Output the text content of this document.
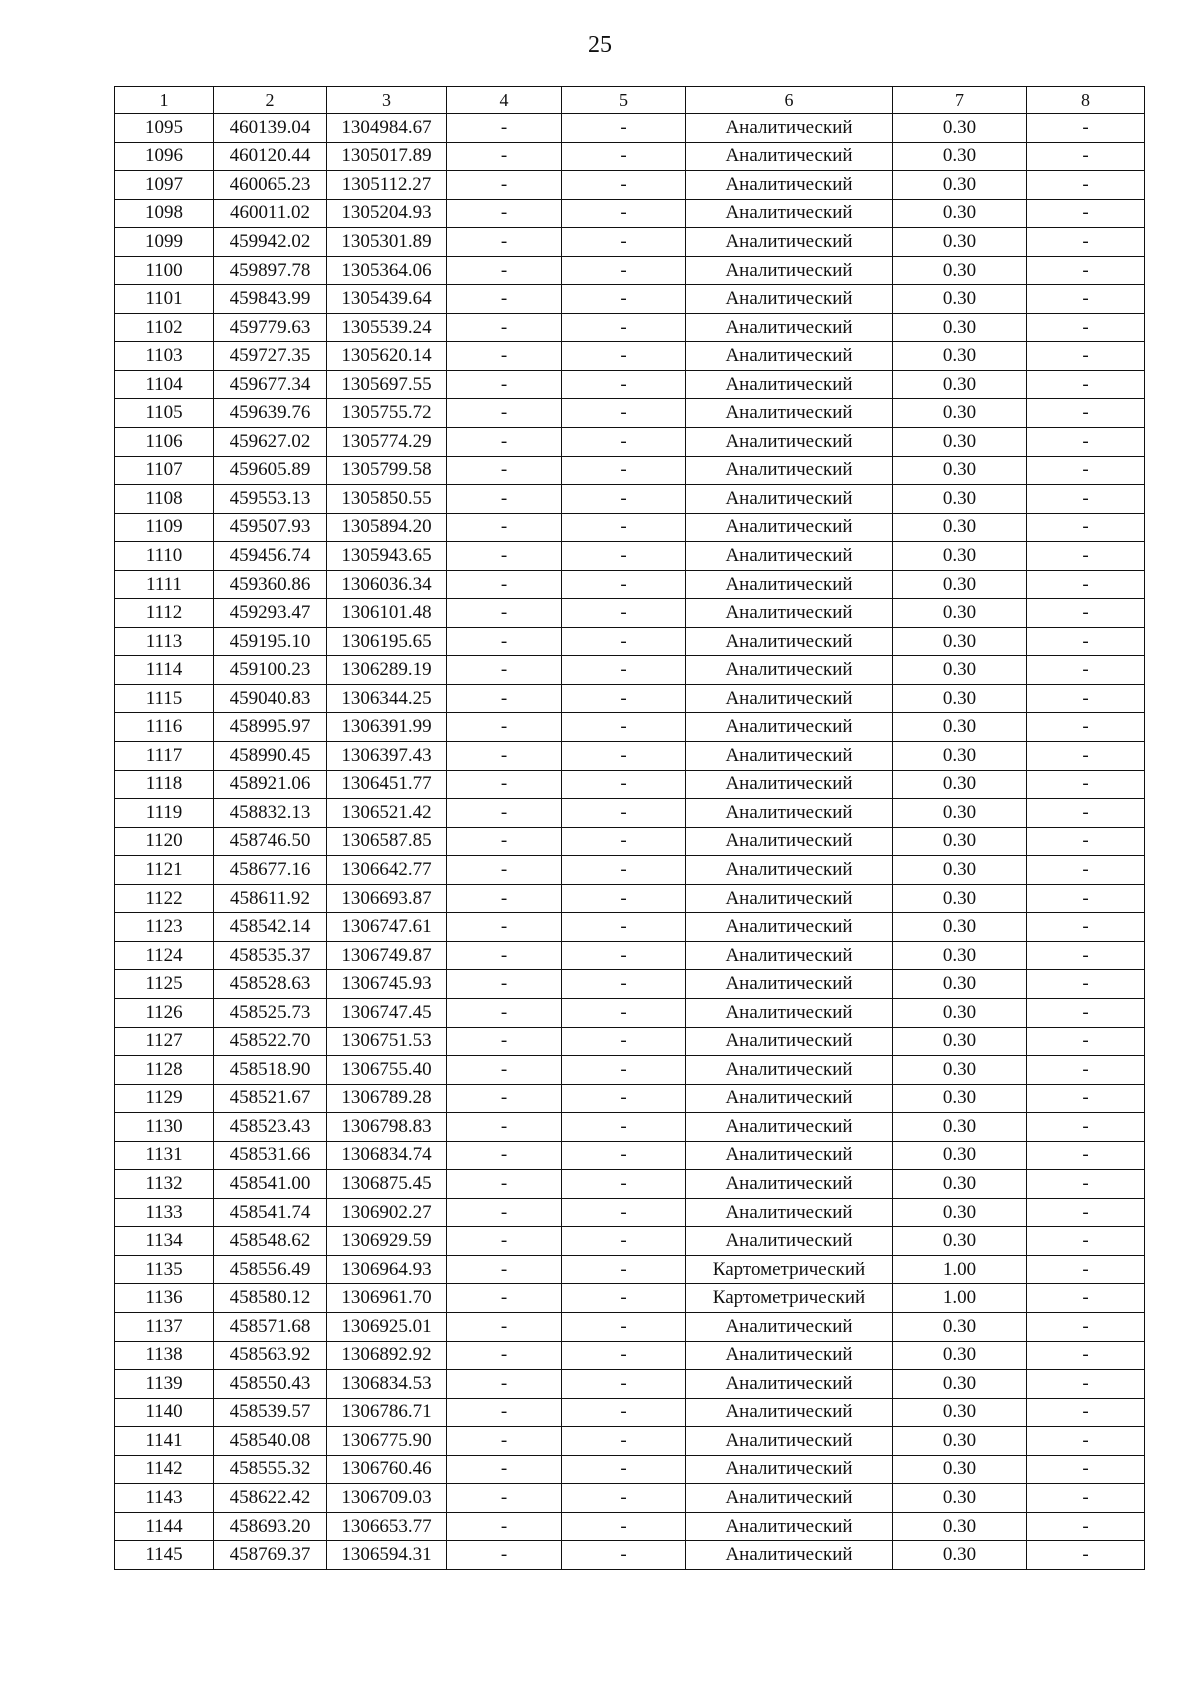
25
1	2	3	4	5	6	7	8
1095	460139.04	1304984.67	-	-	Аналитический	0.30	-
1096	460120.44	1305017.89	-	-	Аналитический	0.30	-
1097	460065.23	1305112.27	-	-	Аналитический	0.30	-
1098	460011.02	1305204.93	-	-	Аналитический	0.30	-
1099	459942.02	1305301.89	-	-	Аналитический	0.30	-
1100	459897.78	1305364.06	-	-	Аналитический	0.30	-
1101	459843.99	1305439.64	-	-	Аналитический	0.30	-
1102	459779.63	1305539.24	-	-	Аналитический	0.30	-
1103	459727.35	1305620.14	-	-	Аналитический	0.30	-
1104	459677.34	1305697.55	-	-	Аналитический	0.30	-
1105	459639.76	1305755.72	-	-	Аналитический	0.30	-
1106	459627.02	1305774.29	-	-	Аналитический	0.30	-
1107	459605.89	1305799.58	-	-	Аналитический	0.30	-
1108	459553.13	1305850.55	-	-	Аналитический	0.30	-
1109	459507.93	1305894.20	-	-	Аналитический	0.30	-
1110	459456.74	1305943.65	-	-	Аналитический	0.30	-
1111	459360.86	1306036.34	-	-	Аналитический	0.30	-
1112	459293.47	1306101.48	-	-	Аналитический	0.30	-
1113	459195.10	1306195.65	-	-	Аналитический	0.30	-
1114	459100.23	1306289.19	-	-	Аналитический	0.30	-
1115	459040.83	1306344.25	-	-	Аналитический	0.30	-
1116	458995.97	1306391.99	-	-	Аналитический	0.30	-
1117	458990.45	1306397.43	-	-	Аналитический	0.30	-
1118	458921.06	1306451.77	-	-	Аналитический	0.30	-
1119	458832.13	1306521.42	-	-	Аналитический	0.30	-
1120	458746.50	1306587.85	-	-	Аналитический	0.30	-
1121	458677.16	1306642.77	-	-	Аналитический	0.30	-
1122	458611.92	1306693.87	-	-	Аналитический	0.30	-
1123	458542.14	1306747.61	-	-	Аналитический	0.30	-
1124	458535.37	1306749.87	-	-	Аналитический	0.30	-
1125	458528.63	1306745.93	-	-	Аналитический	0.30	-
1126	458525.73	1306747.45	-	-	Аналитический	0.30	-
1127	458522.70	1306751.53	-	-	Аналитический	0.30	-
1128	458518.90	1306755.40	-	-	Аналитический	0.30	-
1129	458521.67	1306789.28	-	-	Аналитический	0.30	-
1130	458523.43	1306798.83	-	-	Аналитический	0.30	-
1131	458531.66	1306834.74	-	-	Аналитический	0.30	-
1132	458541.00	1306875.45	-	-	Аналитический	0.30	-
1133	458541.74	1306902.27	-	-	Аналитический	0.30	-
1134	458548.62	1306929.59	-	-	Аналитический	0.30	-
1135	458556.49	1306964.93	-	-	Картометрический	1.00	-
1136	458580.12	1306961.70	-	-	Картометрический	1.00	-
1137	458571.68	1306925.01	-	-	Аналитический	0.30	-
1138	458563.92	1306892.92	-	-	Аналитический	0.30	-
1139	458550.43	1306834.53	-	-	Аналитический	0.30	-
1140	458539.57	1306786.71	-	-	Аналитический	0.30	-
1141	458540.08	1306775.90	-	-	Аналитический	0.30	-
1142	458555.32	1306760.46	-	-	Аналитический	0.30	-
1143	458622.42	1306709.03	-	-	Аналитический	0.30	-
1144	458693.20	1306653.77	-	-	Аналитический	0.30	-
1145	458769.37	1306594.31	-	-	Аналитический	0.30	-
